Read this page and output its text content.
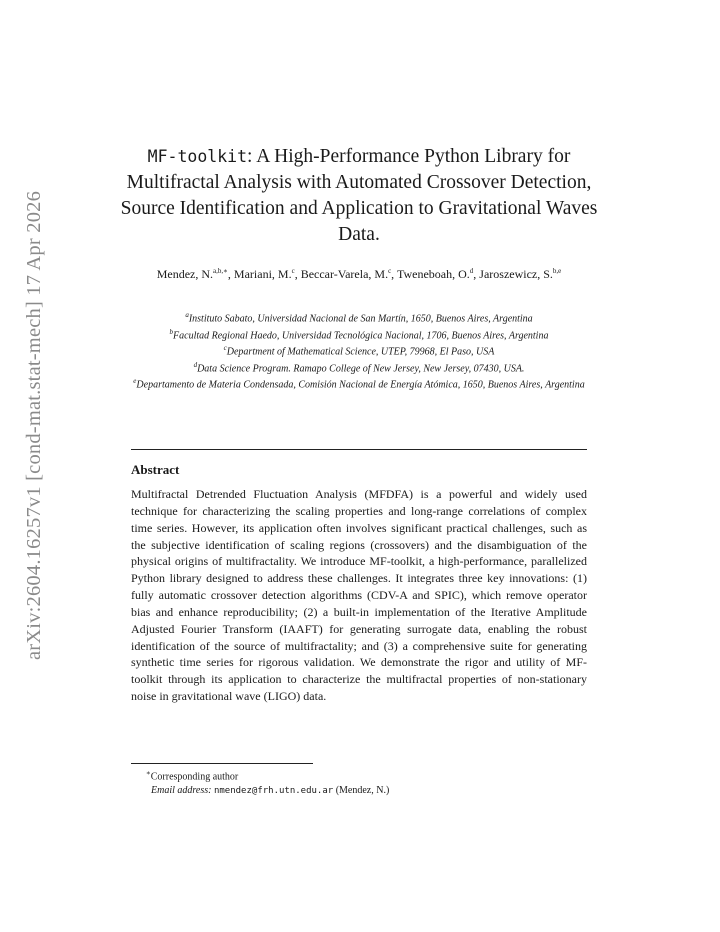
arXiv:2604.16257v1 [cond-mat.stat-mech] 17 Apr 2026
MF-toolkit: A High-Performance Python Library for Multifractal Analysis with Automated Crossover Detection, Source Identification and Application to Gravitational Waves Data.
Mendez, N.$^{a,b,∗}$, Mariani, M.$^c$, Beccar-Varela, M.$^c$, Tweneboah, O.$^d$, Jaroszewicz, S.$^{b,e}$
$^a$Instituto Sabato, Universidad Nacional de San Martín, 1650, Buenos Aires, Argentina
$^b$Facultad Regional Haedo, Universidad Tecnológica Nacional, 1706, Buenos Aires, Argentina
$^c$Department of Mathematical Science, UTEP, 79968, El Paso, USA
$^d$Data Science Program. Ramapo College of New Jersey, New Jersey, 07430, USA.
$^e$Departamento de Materia Condensada, Comisión Nacional de Energía Atómica, 1650, Buenos Aires, Argentina
Abstract

Multifractal Detrended Fluctuation Analysis (MFDFA) is a powerful and widely used technique for characterizing the scaling properties and long-range correlations of complex time series. However, its application often involves significant practical challenges, such as the subjective identification of scaling regions (crossovers) and the disambiguation of the physical origins of multifractality. We introduce MF-toolkit, a high-performance, parallelized Python library designed to address these challenges. It integrates three key innovations: (1) fully automatic crossover detection algorithms (CDV-A and SPIC), which remove operator bias and enhance reproducibility; (2) a built-in implementation of the Iterative Amplitude Adjusted Fourier Transform (IAAFT) for generating surrogate data, enabling the robust identification of the source of multifractality; and (3) a comprehensive suite for generating synthetic time series for rigorous validation. We demonstrate the rigor and utility of MF-toolkit through its application to characterize the multifractal properties of non-stationary noise in gravitational wave (LIGO) data.

∗Corresponding author
Email address: nmendez@frh.utn.edu.ar (Mendez, N.)
